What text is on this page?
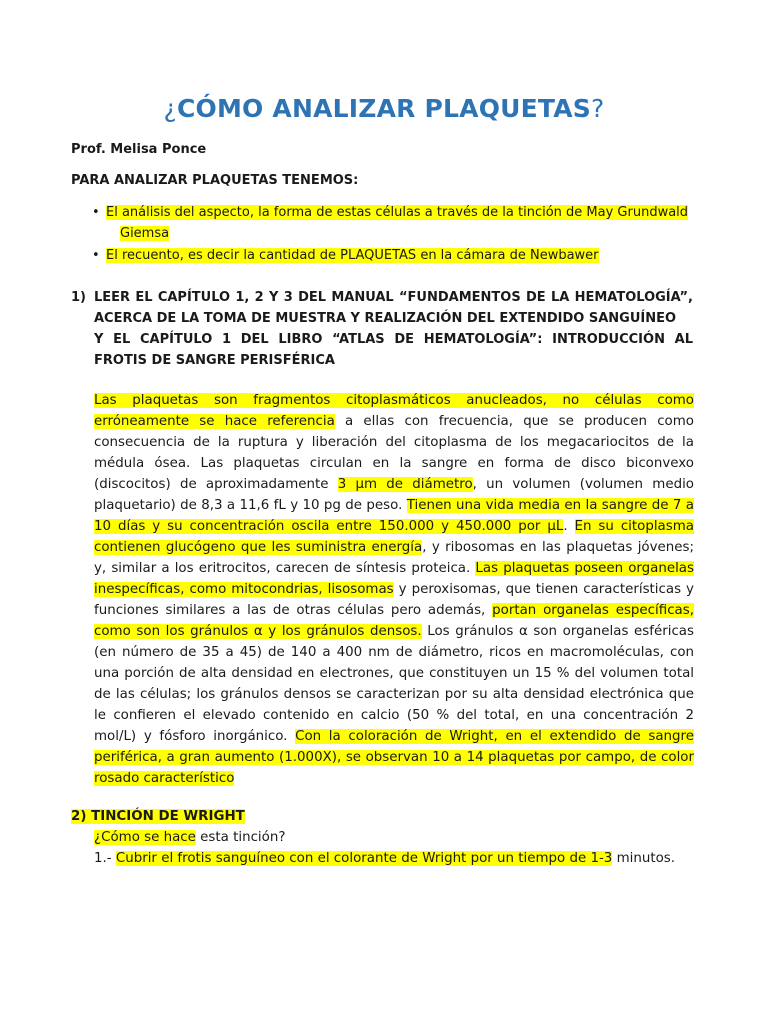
¿CÓMO ANALIZAR PLAQUETAS?
Prof. Melisa Ponce
PARA ANALIZAR PLAQUETAS TENEMOS:
• El análisis del aspecto, la forma de estas células a través de la tinción de May Grundwald
Giemsa
• El recuento, es decir la cantidad de PLAQUETAS en la cámara de Newbawer
1) LEER EL CAPÍTULO 1, 2 Y 3 DEL MANUAL “FUNDAMENTOS DE LA HEMATOLOGÍA”, ACERCA DE LA TOMA DE MUESTRA Y REALIZACIÓN DEL EXTENDIDO SANGUÍNEO
Y EL CAPÍTULO 1 DEL LIBRO “ATLAS DE HEMATOLOGÍA”: INTRODUCCIÓN AL FROTIS DE SANGRE PERISFÉRICA
Las plaquetas son fragmentos citoplasmáticos anucleados, no células como erróneamente se hace referencia a ellas con frecuencia, que se producen como consecuencia de la ruptura y liberación del citoplasma de los megacariocitos de la médula ósea. Las plaquetas circulan en la sangre en forma de disco biconvexo (discocitos) de aproximadamente 3 µm de diámetro, un volumen (volumen medio plaquetario) de 8,3 a 11,6 fL y 10 pg de peso. Tienen una vida media en la sangre de 7 a 10 días y su concentración oscila entre 150.000 y 450.000 por µL. En su citoplasma contienen glucógeno que les suministra energía, y ribosomas en las plaquetas jóvenes; y, similar a los eritrocitos, carecen de síntesis proteica. Las plaquetas poseen organelas inespecíficas, como mitocondrias, lisosomas y peroxisomas, que tienen características y funciones similares a las de otras células pero además, portan organelas específicas, como son los gránulos α y los gránulos densos. Los gránulos α son organelas esféricas (en número de 35 a 45) de 140 a 400 nm de diámetro, ricos en macromoléculas, con una porción de alta densidad en electrones, que constituyen un 15 % del volumen total de las células; los gránulos densos se caracterizan por su alta densidad electrónica que le confieren el elevado contenido en calcio (50 % del total, en una concentración 2 mol/L) y fósforo inorgánico. Con la coloración de Wright, en el extendido de sangre periférica, a gran aumento (1.000X), se observan 10 a 14 plaquetas por campo, de color rosado característico
2) TINCIÓN DE WRIGHT
¿Cómo se hace esta tinción?
1.- Cubrir el frotis sanguíneo con el colorante de Wright por un tiempo de 1-3 minutos.
